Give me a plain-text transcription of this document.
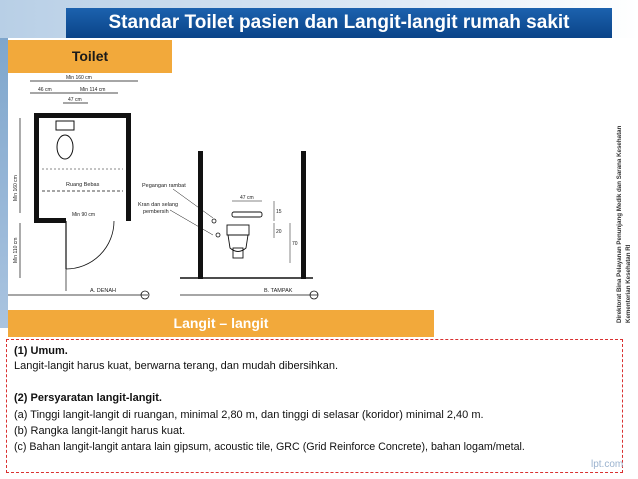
Standar Toilet pasien dan Langit-langit rumah sakit
Toilet
Min 160 cm
46 cm	Min 114 cm
47 cm
Min 160 cm
Min 110 cm
Ruang Bebas
Min 90 cm
A. DENAH
Pegangan rambat
Kran dan selang
pembersih
47 cm
15
20
70
B. TAMPAK	Direktorat Bina Pelayanan Penunjang Medik dan Sarana Kesehatan Kementerian Kesehatan RI
Langit – langit

(1) Umum.

Langit-langit harus kuat, berwarna terang, dan mudah dibersihkan.

(2) Persyaratan langit-langit.

(a) Tinggi langit-langit di ruangan, minimal 2,80 m, dan tinggi di selasar (koridor) minimal 2,40 m.

(b) Rangka langit-langit harus kuat.

(c) Bahan langit-langit antara lain gipsum, acoustic tile, GRC (Grid Reinforce Concrete), bahan logam/metal.

lpt.com
